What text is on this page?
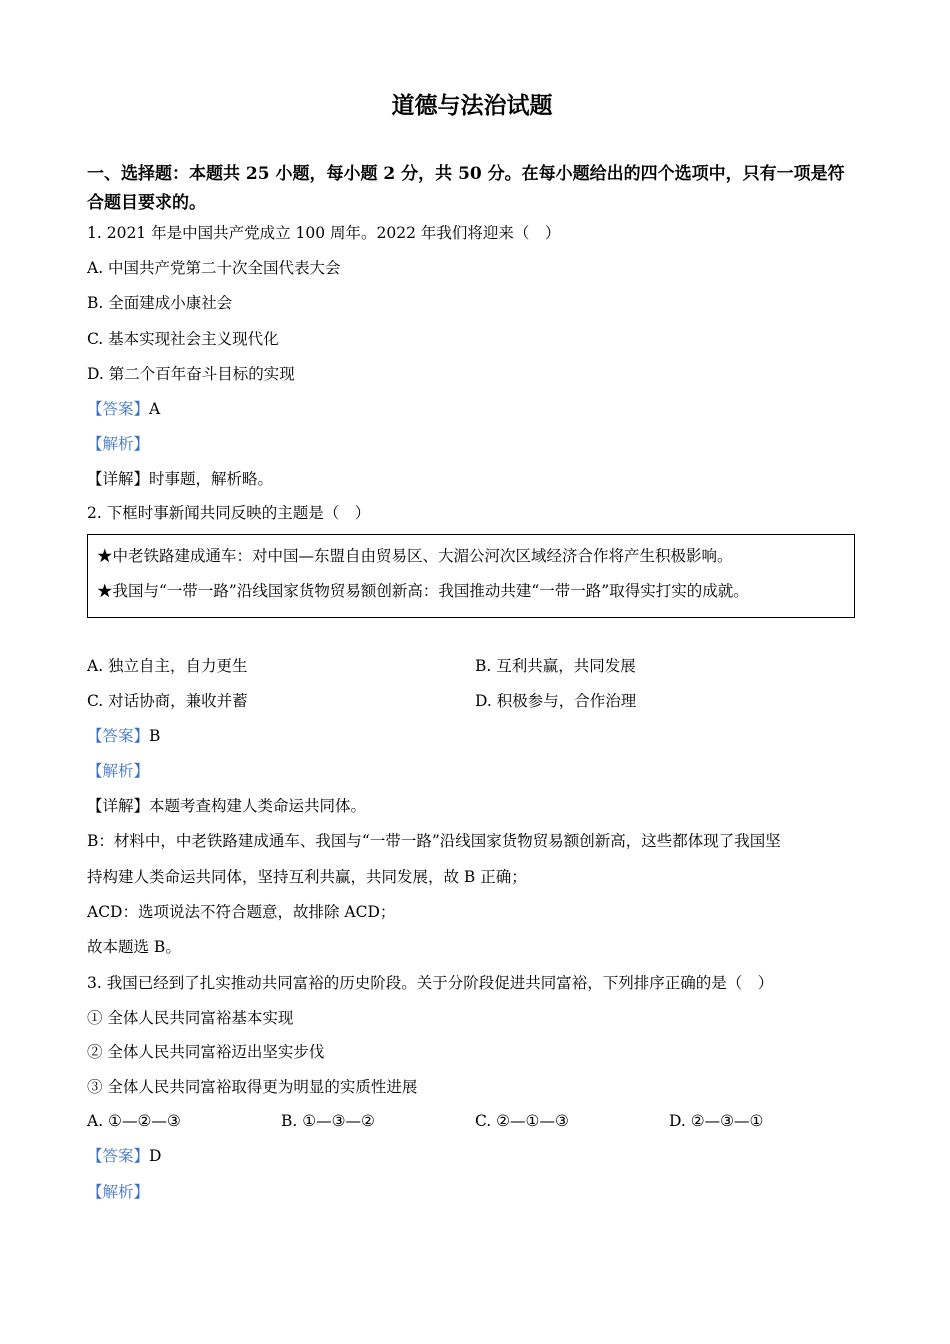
道德与法治试题
一、选择题：本题共 25 小题，每小题 2 分，共 50 分。在每小题给出的四个选项中，只有一项是符合题目要求的。
1. 2021 年是中国共产党成立 100 周年。2022 年我们将迎来（　）
A. 中国共产党第二十次全国代表大会
B. 全面建成小康社会
C. 基本实现社会主义现代化
D. 第二个百年奋斗目标的实现
【答案】A
【解析】
【详解】时事题，解析略。
2. 下框时事新闻共同反映的主题是（　）
★中老铁路建成通车：对中国—东盟自由贸易区、大湄公河次区域经济合作将产生积极影响。
★我国与“一带一路”沿线国家货物贸易额创新高：我国推动共建“一带一路”取得实打实的成就。
A. 独立自主，自力更生	B. 互利共赢，共同发展
C. 对话协商，兼收并蓄	D. 积极参与，合作治理
【答案】B
【解析】
【详解】本题考查构建人类命运共同体。
B：材料中，中老铁路建成通车、我国与“一带一路”沿线国家货物贸易额创新高，这些都体现了我国坚
持构建人类命运共同体，坚持互利共赢，共同发展，故 B 正确；
ACD：选项说法不符合题意，故排除 ACD；
故本题选 B。
3. 我国已经到了扎实推动共同富裕的历史阶段。关于分阶段促进共同富裕，下列排序正确的是（　）
① 全体人民共同富裕基本实现
② 全体人民共同富裕迈出坚实步伐
③ 全体人民共同富裕取得更为明显的实质性进展
A. ①—②—③	B. ①—③—②	C. ②—①—③	D. ②—③—①
【答案】D
【解析】
